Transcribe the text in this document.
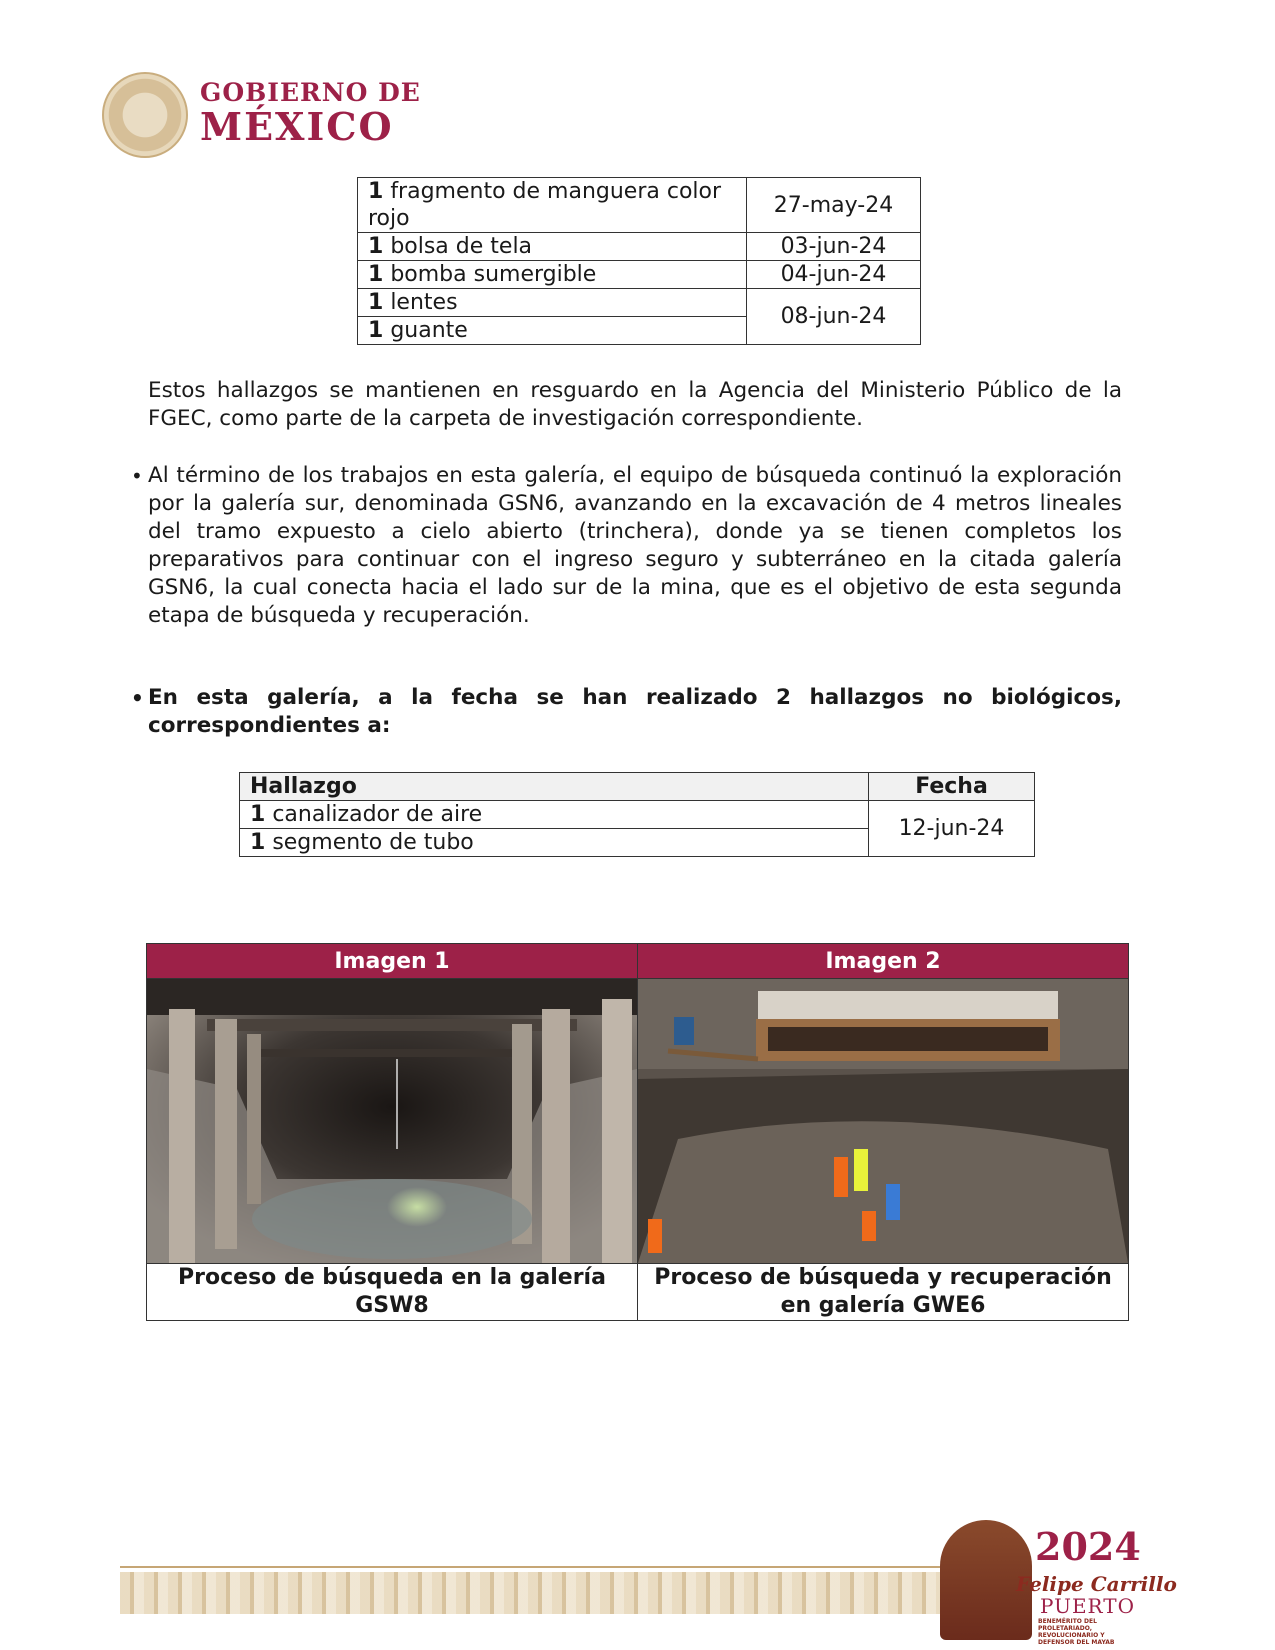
GOBIERNO DE
MÉXICO
1 fragmento de manguera color rojo	27-may-24
1 bolsa de tela	03-jun-24
1 bomba sumergible	04-jun-24
1 lentes	08-jun-24
1 guante	
Estos hallazgos se mantienen en resguardo en la Agencia del Ministerio Público de la FGEC, como parte de la carpeta de investigación correspondiente.
• Al término de los trabajos en esta galería, el equipo de búsqueda continuó la exploración por la galería sur, denominada GSN6, avanzando en la excavación de 4 metros lineales del tramo expuesto a cielo abierto (trinchera), donde ya se tienen completos los preparativos para continuar con el ingreso seguro y subterráneo en la citada galería GSN6, la cual conecta hacia el lado sur de la mina, que es el objetivo de esta segunda etapa de búsqueda y recuperación.
• En esta galería, a la fecha se han realizado 2 hallazgos no biológicos, correspondientes a:
Hallazgo	Fecha
1 canalizador de aire	12-jun-24
1 segmento de tubo	
Imagen 1	Imagen 2

Proceso de búsqueda en la galería GSW8	Proceso de búsqueda y recuperación en galería GWE6
2024
Felipe Carrillo
PUERTO
BENEMÉRITO DEL PROLETARIADO, REVOLUCIONARIO Y DEFENSOR DEL MAYAB
